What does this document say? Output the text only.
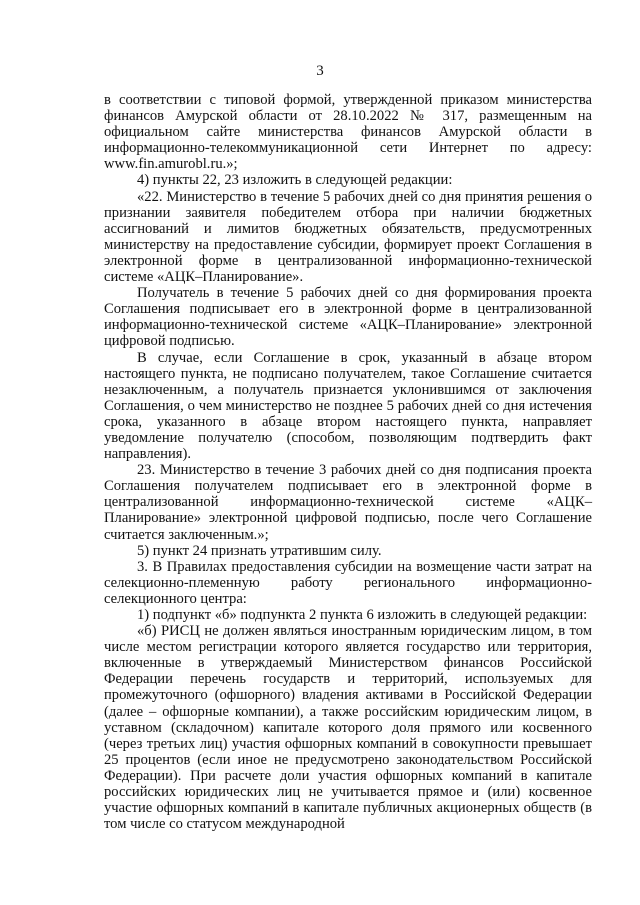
3

в соответствии с типовой формой, утвержденной приказом министерства финансов Амурской области от 28.10.2022 № 317, размещенным на официальном сайте министерства финансов Амурской области в информационно-телекоммуникационной сети Интернет по адресу: www.fin.amurobl.ru.»;

4) пункты 22, 23 изложить в следующей редакции:

«22. Министерство в течение 5 рабочих дней со дня принятия решения о признании заявителя победителем отбора при наличии бюджетных ассигнований и лимитов бюджетных обязательств, предусмотренных министерству на предоставление субсидии, формирует проект Соглашения в электронной форме в централизованной информационно-технической системе «АЦК–Планирование».

Получатель в течение 5 рабочих дней со дня формирования проекта Соглашения подписывает его в электронной форме в централизованной информационно-технической системе «АЦК–Планирование» электронной цифровой подписью.

В случае, если Соглашение в срок, указанный в абзаце втором настоящего пункта, не подписано получателем, такое Соглашение считается незаключенным, а получатель признается уклонившимся от заключения Соглашения, о чем министерство не позднее 5 рабочих дней со дня истечения срока, указанного в абзаце втором настоящего пункта, направляет уведомление получателю (способом, позволяющим подтвердить факт направления).

23. Министерство в течение 3 рабочих дней со дня подписания проекта Соглашения получателем подписывает его в электронной форме в централизованной информационно-технической системе «АЦК–Планирование» электронной цифровой подписью, после чего Соглашение считается заключенным.»;

5) пункт 24 признать утратившим силу.

3. В Правилах предоставления субсидии на возмещение части затрат на селекционно-племенную работу регионального информационно-селекционного центра:

1) подпункт «б» подпункта 2 пункта 6 изложить в следующей редакции:

«б) РИСЦ не должен являться иностранным юридическим лицом, в том числе местом регистрации которого является государство или территория, включенные в утверждаемый Министерством финансов Российской Федерации перечень государств и территорий, используемых для промежуточного (офшорного) владения активами в Российской Федерации (далее – офшорные компании), а также российским юридическим лицом, в уставном (складочном) капитале которого доля прямого или косвенного (через третьих лиц) участия офшорных компаний в совокупности превышает 25 процентов (если иное не предусмотрено законодательством Российской Федерации). При расчете доли участия офшорных компаний в капитале российских юридических лиц не учитывается прямое и (или) косвенное участие офшорных компаний в капитале публичных акционерных обществ (в том числе со статусом международной
